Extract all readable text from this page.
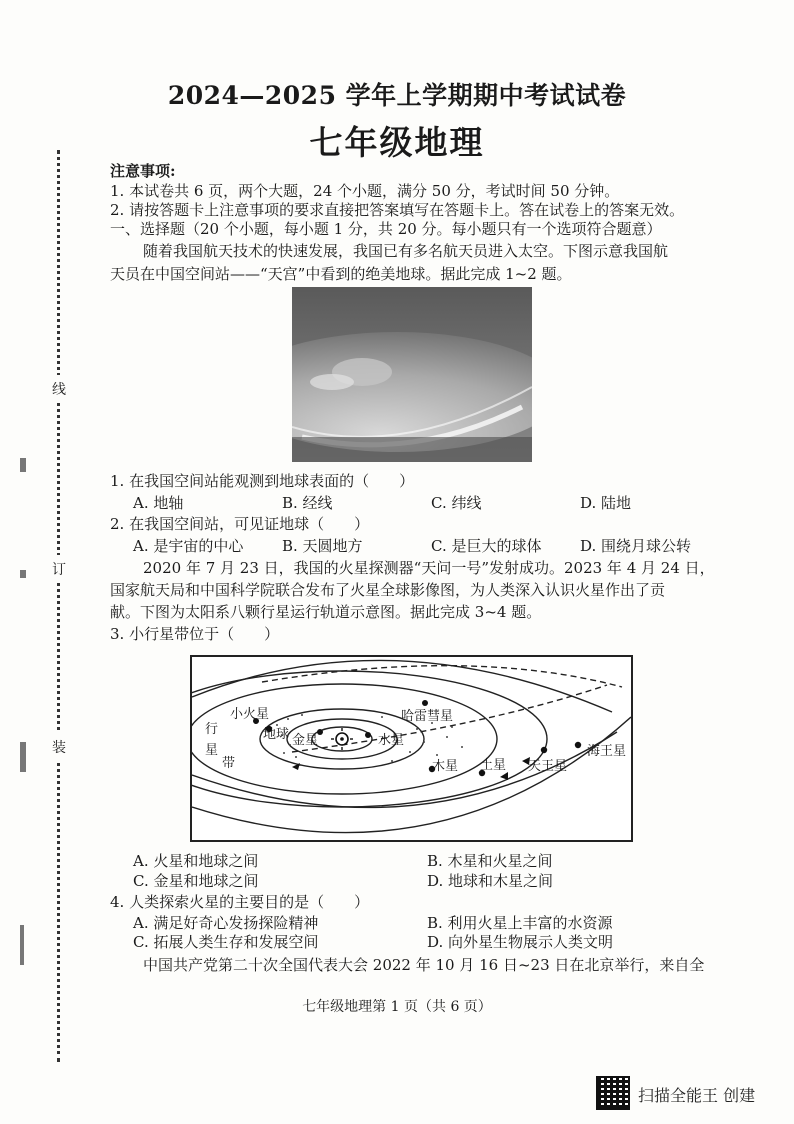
线
订
装
2024—2025 学年上学期期中考试试卷
七年级地理
注意事项:
1. 本试卷共 6 页，两个大题，24 个小题，满分 50 分，考试时间 50 分钟。
2. 请按答题卡上注意事项的要求直接把答案填写在答题卡上。答在试卷上的答案无效。
一、选择题（20 个小题，每小题 1 分，共 20 分。每小题只有一个选项符合题意）
随着我国航天技术的快速发展，我国已有多名航天员进入太空。下图示意我国航
天员在中国空间站——“天宫”中看到的绝美地球。据此完成 1~2 题。
1. 在我国空间站能观测到地球表面的（　　）
A. 地轴	B. 经线	C. 纬线	D. 陆地
2. 在我国空间站，可见证地球（　　）
A. 是宇宙的中心	B. 天圆地方	C. 是巨大的球体	D. 围绕月球公转
2020 年 7 月 23 日，我国的火星探测器“天问一号”发射成功。2023 年 4 月 24 日，
国家航天局和中国科学院联合发布了火星全球影像图，为人类深入认识火星作出了贡
献。下图为太阳系八颗行星运行轨道示意图。据此完成 3~4 题。
3. 小行星带位于（　　）
小火星	哈雷彗星
地球 金星	水星
行
星
带	木星 土星 天王星
海王星
A. 火星和地球之间	B. 木星和火星之间
C. 金星和地球之间	D. 地球和木星之间
4. 人类探索火星的主要目的是（　　）
A. 满足好奇心发扬探险精神	B. 利用火星上丰富的水资源
C. 拓展人类生存和发展空间	D. 向外星生物展示人类文明
中国共产党第二十次全国代表大会 2022 年 10 月 16 日~23 日在北京举行，来自全
七年级地理第 1 页（共 6 页）
扫描全能王 创建
